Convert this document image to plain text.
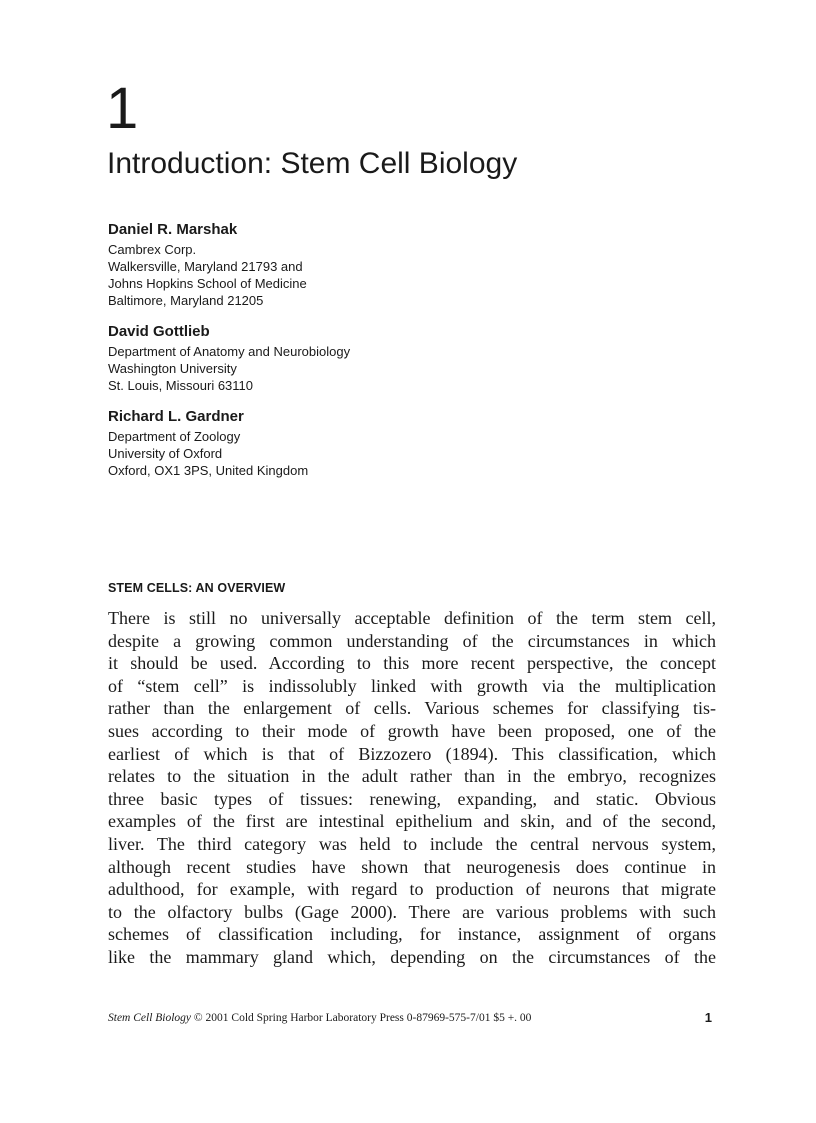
1
Introduction: Stem Cell Biology
Daniel R. Marshak
Cambrex Corp.
Walkersville, Maryland 21793 and
Johns Hopkins School of Medicine
Baltimore, Maryland 21205
David Gottlieb
Department of Anatomy and Neurobiology
Washington University
St. Louis, Missouri 63110
Richard L. Gardner
Department of Zoology
University of Oxford
Oxford, OX1 3PS, United Kingdom
STEM CELLS: AN OVERVIEW
There is still no universally acceptable definition of the term stem cell,
despite a growing common understanding of the circumstances in which
it should be used. According to this more recent perspective, the concept
of “stem cell” is indissolubly linked with growth via the multiplication
rather than the enlargement of cells. Various schemes for classifying tis-
sues according to their mode of growth have been proposed, one of the
earliest of which is that of Bizzozero (1894). This classification, which
relates to the situation in the adult rather than in the embryo, recognizes
three basic types of tissues: renewing, expanding, and static. Obvious
examples of the first are intestinal epithelium and skin, and of the second,
liver. The third category was held to include the central nervous system,
although recent studies have shown that neurogenesis does continue in
adulthood, for example, with regard to production of neurons that migrate
to the olfactory bulbs (Gage 2000). There are various problems with such
schemes of classification including, for instance, assignment of organs
like the mammary gland which, depending on the circumstances of the
Stem Cell Biology © 2001 Cold Spring Harbor Laboratory Press 0-87969-575-7/01 $5 +. 00	1
